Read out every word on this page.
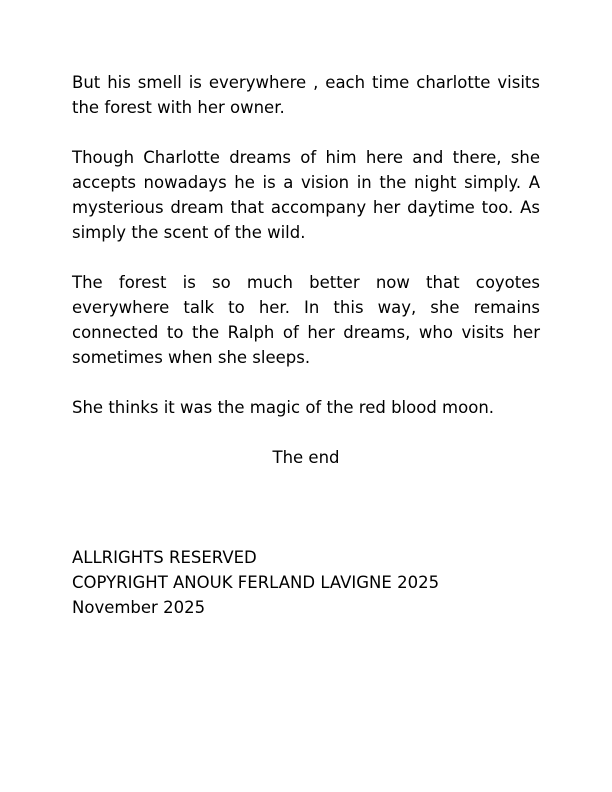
But his smell is everywhere , each time charlotte visits the forest with her owner.

Though Charlotte dreams of him here and there, she accepts nowadays he is a vision in the night simply. A mysterious dream that accompany her daytime too. As simply the scent of the wild.

The forest is so much better now that coyotes everywhere talk to her. In this way, she remains connected to the Ralph of her dreams, who visits her sometimes when she sleeps.

She thinks it was the magic of the red blood moon.

The end

ALLRIGHTS RESERVED

COPYRIGHT ANOUK FERLAND LAVIGNE 2025

November 2025
